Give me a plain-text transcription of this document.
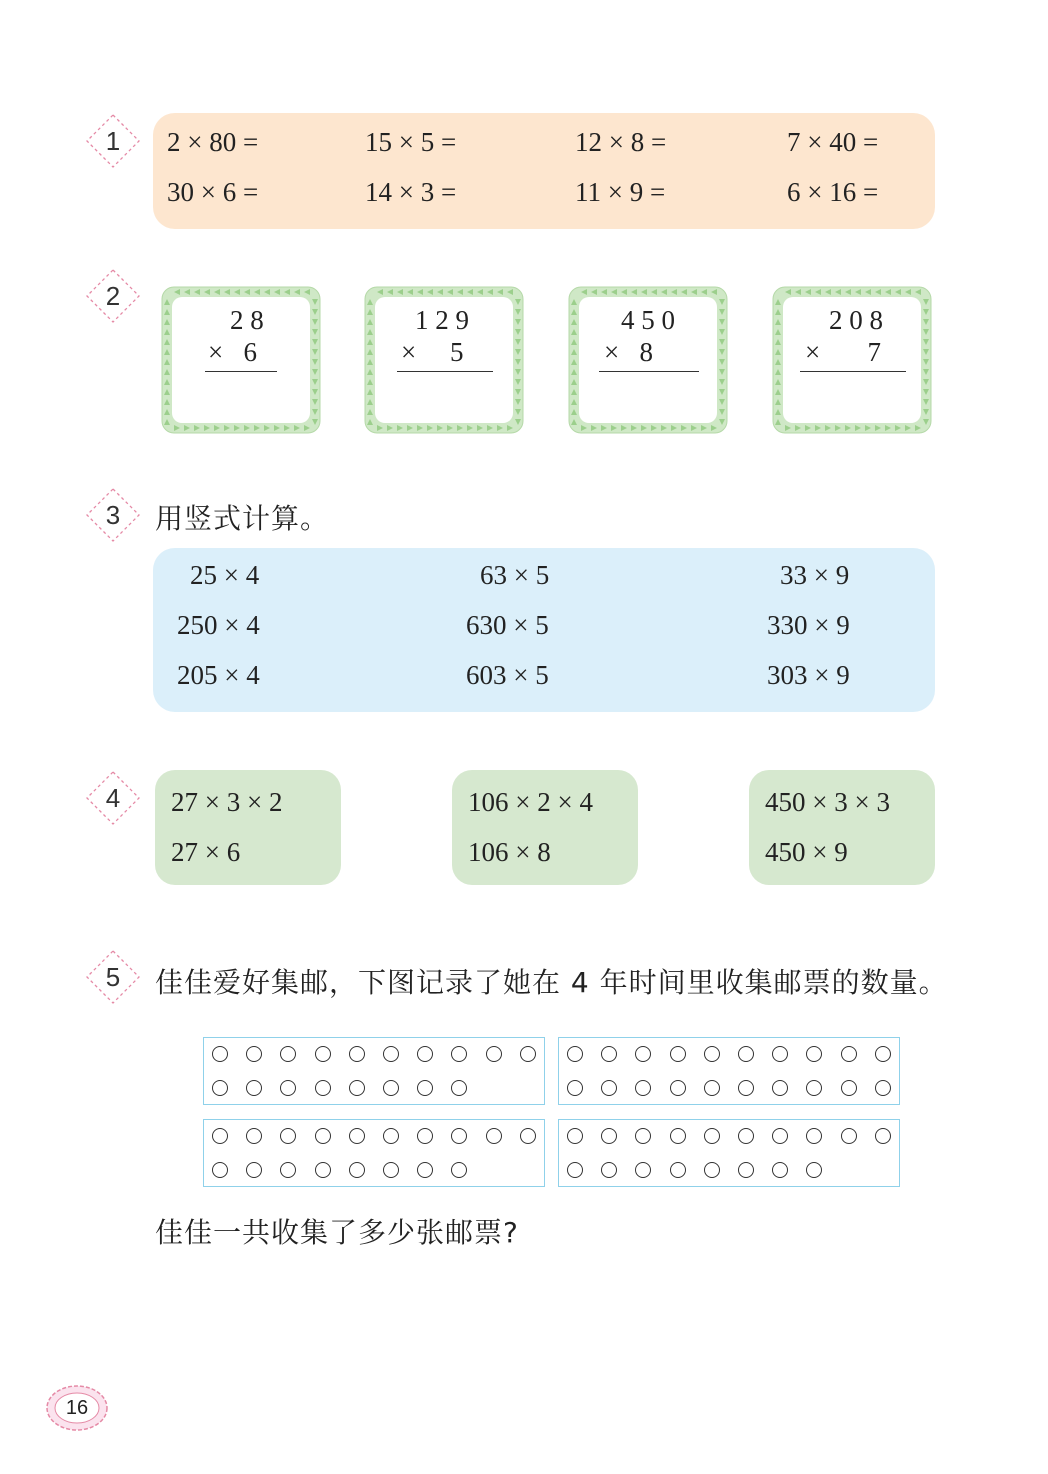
1
2
3
4
5
2 × 80 =	15 × 5 =	12 × 8 =	7 × 40 =
30 × 6 =	14 × 3 =	11 × 9 =	6 × 16 =
2 8
×   6
1 2 9
×     5
4 5 0
×   8
2 0 8
×       7
用竖式计算。
25 × 4	63 × 5	33 × 9
250 × 4	630 × 5	330 × 9
205 × 4	603 × 5	303 × 9
27 × 3 × 2
27 × 6
106 × 2 × 4
106 × 8
450 × 3 × 3
450 × 9
佳佳爱好集邮，下图记录了她在 4 年时间里收集邮票的数量。
佳佳一共收集了多少张邮票?
16
